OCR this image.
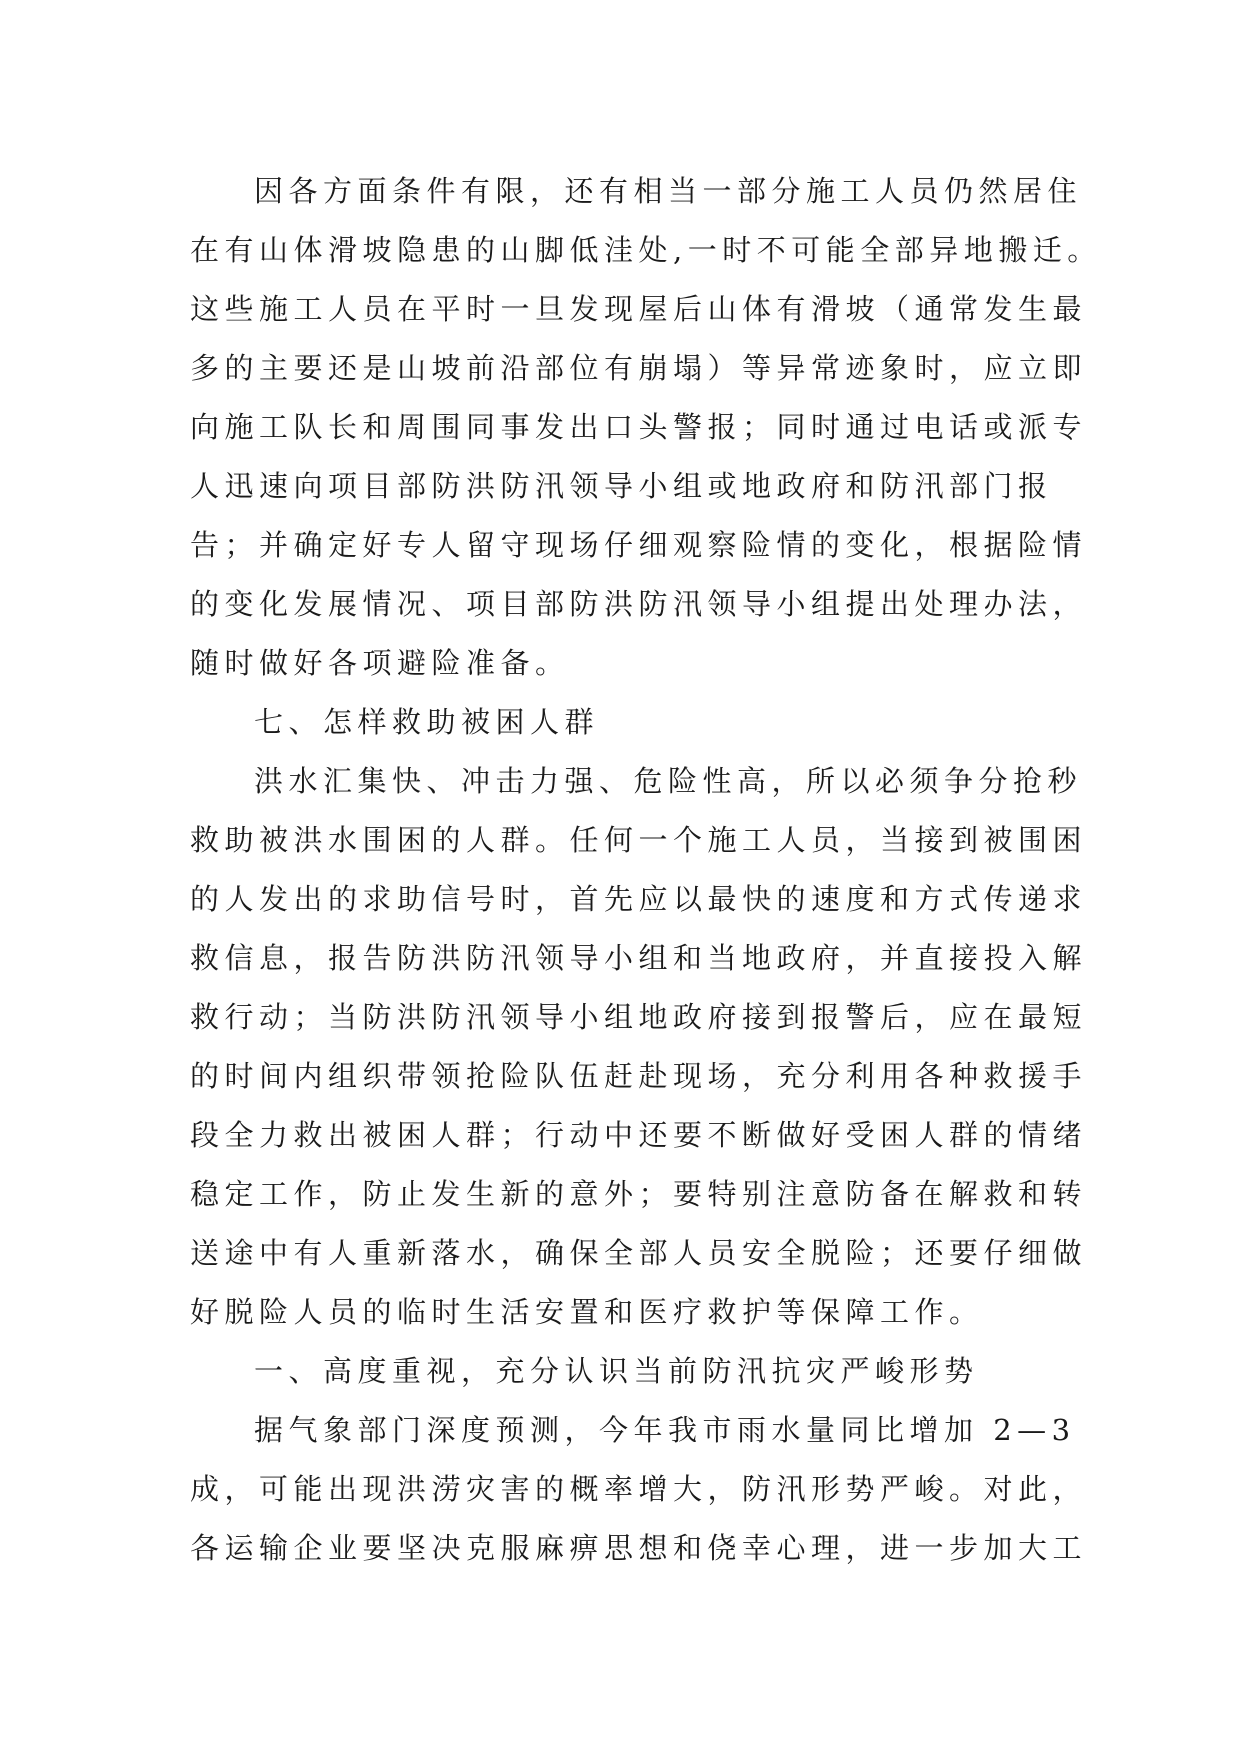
因各方面条件有限，还有相当一部分施工人员仍然居住
在有山体滑坡隐患的山脚低洼处,一时不可能全部异地搬迁。
这些施工人员在平时一旦发现屋后山体有滑坡（通常发生最
多的主要还是山坡前沿部位有崩塌）等异常迹象时，应立即
向施工队长和周围同事发出口头警报；同时通过电话或派专
人迅速向项目部防洪防汛领导小组或地政府和防汛部门报
告；并确定好专人留守现场仔细观察险情的变化，根据险情
的变化发展情况、项目部防洪防汛领导小组提出处理办法，
随时做好各项避险准备。
七、怎样救助被困人群
洪水汇集快、冲击力强、危险性高，所以必须争分抢秒
救助被洪水围困的人群。任何一个施工人员，当接到被围困
的人发出的求助信号时，首先应以最快的速度和方式传递求
救信息，报告防洪防汛领导小组和当地政府，并直接投入解
救行动；当防洪防汛领导小组地政府接到报警后，应在最短
的时间内组织带领抢险队伍赶赴现场，充分利用各种救援手
段全力救出被困人群；行动中还要不断做好受困人群的情绪
稳定工作，防止发生新的意外；要特别注意防备在解救和转
送途中有人重新落水，确保全部人员安全脱险；还要仔细做
好脱险人员的临时生活安置和医疗救护等保障工作。
一、高度重视，充分认识当前防汛抗灾严峻形势
据气象部门深度预测，今年我市雨水量同比增加 2—3
成，可能出现洪涝灾害的概率增大，防汛形势严峻。对此，
各运输企业要坚决克服麻痹思想和侥幸心理，进一步加大工
